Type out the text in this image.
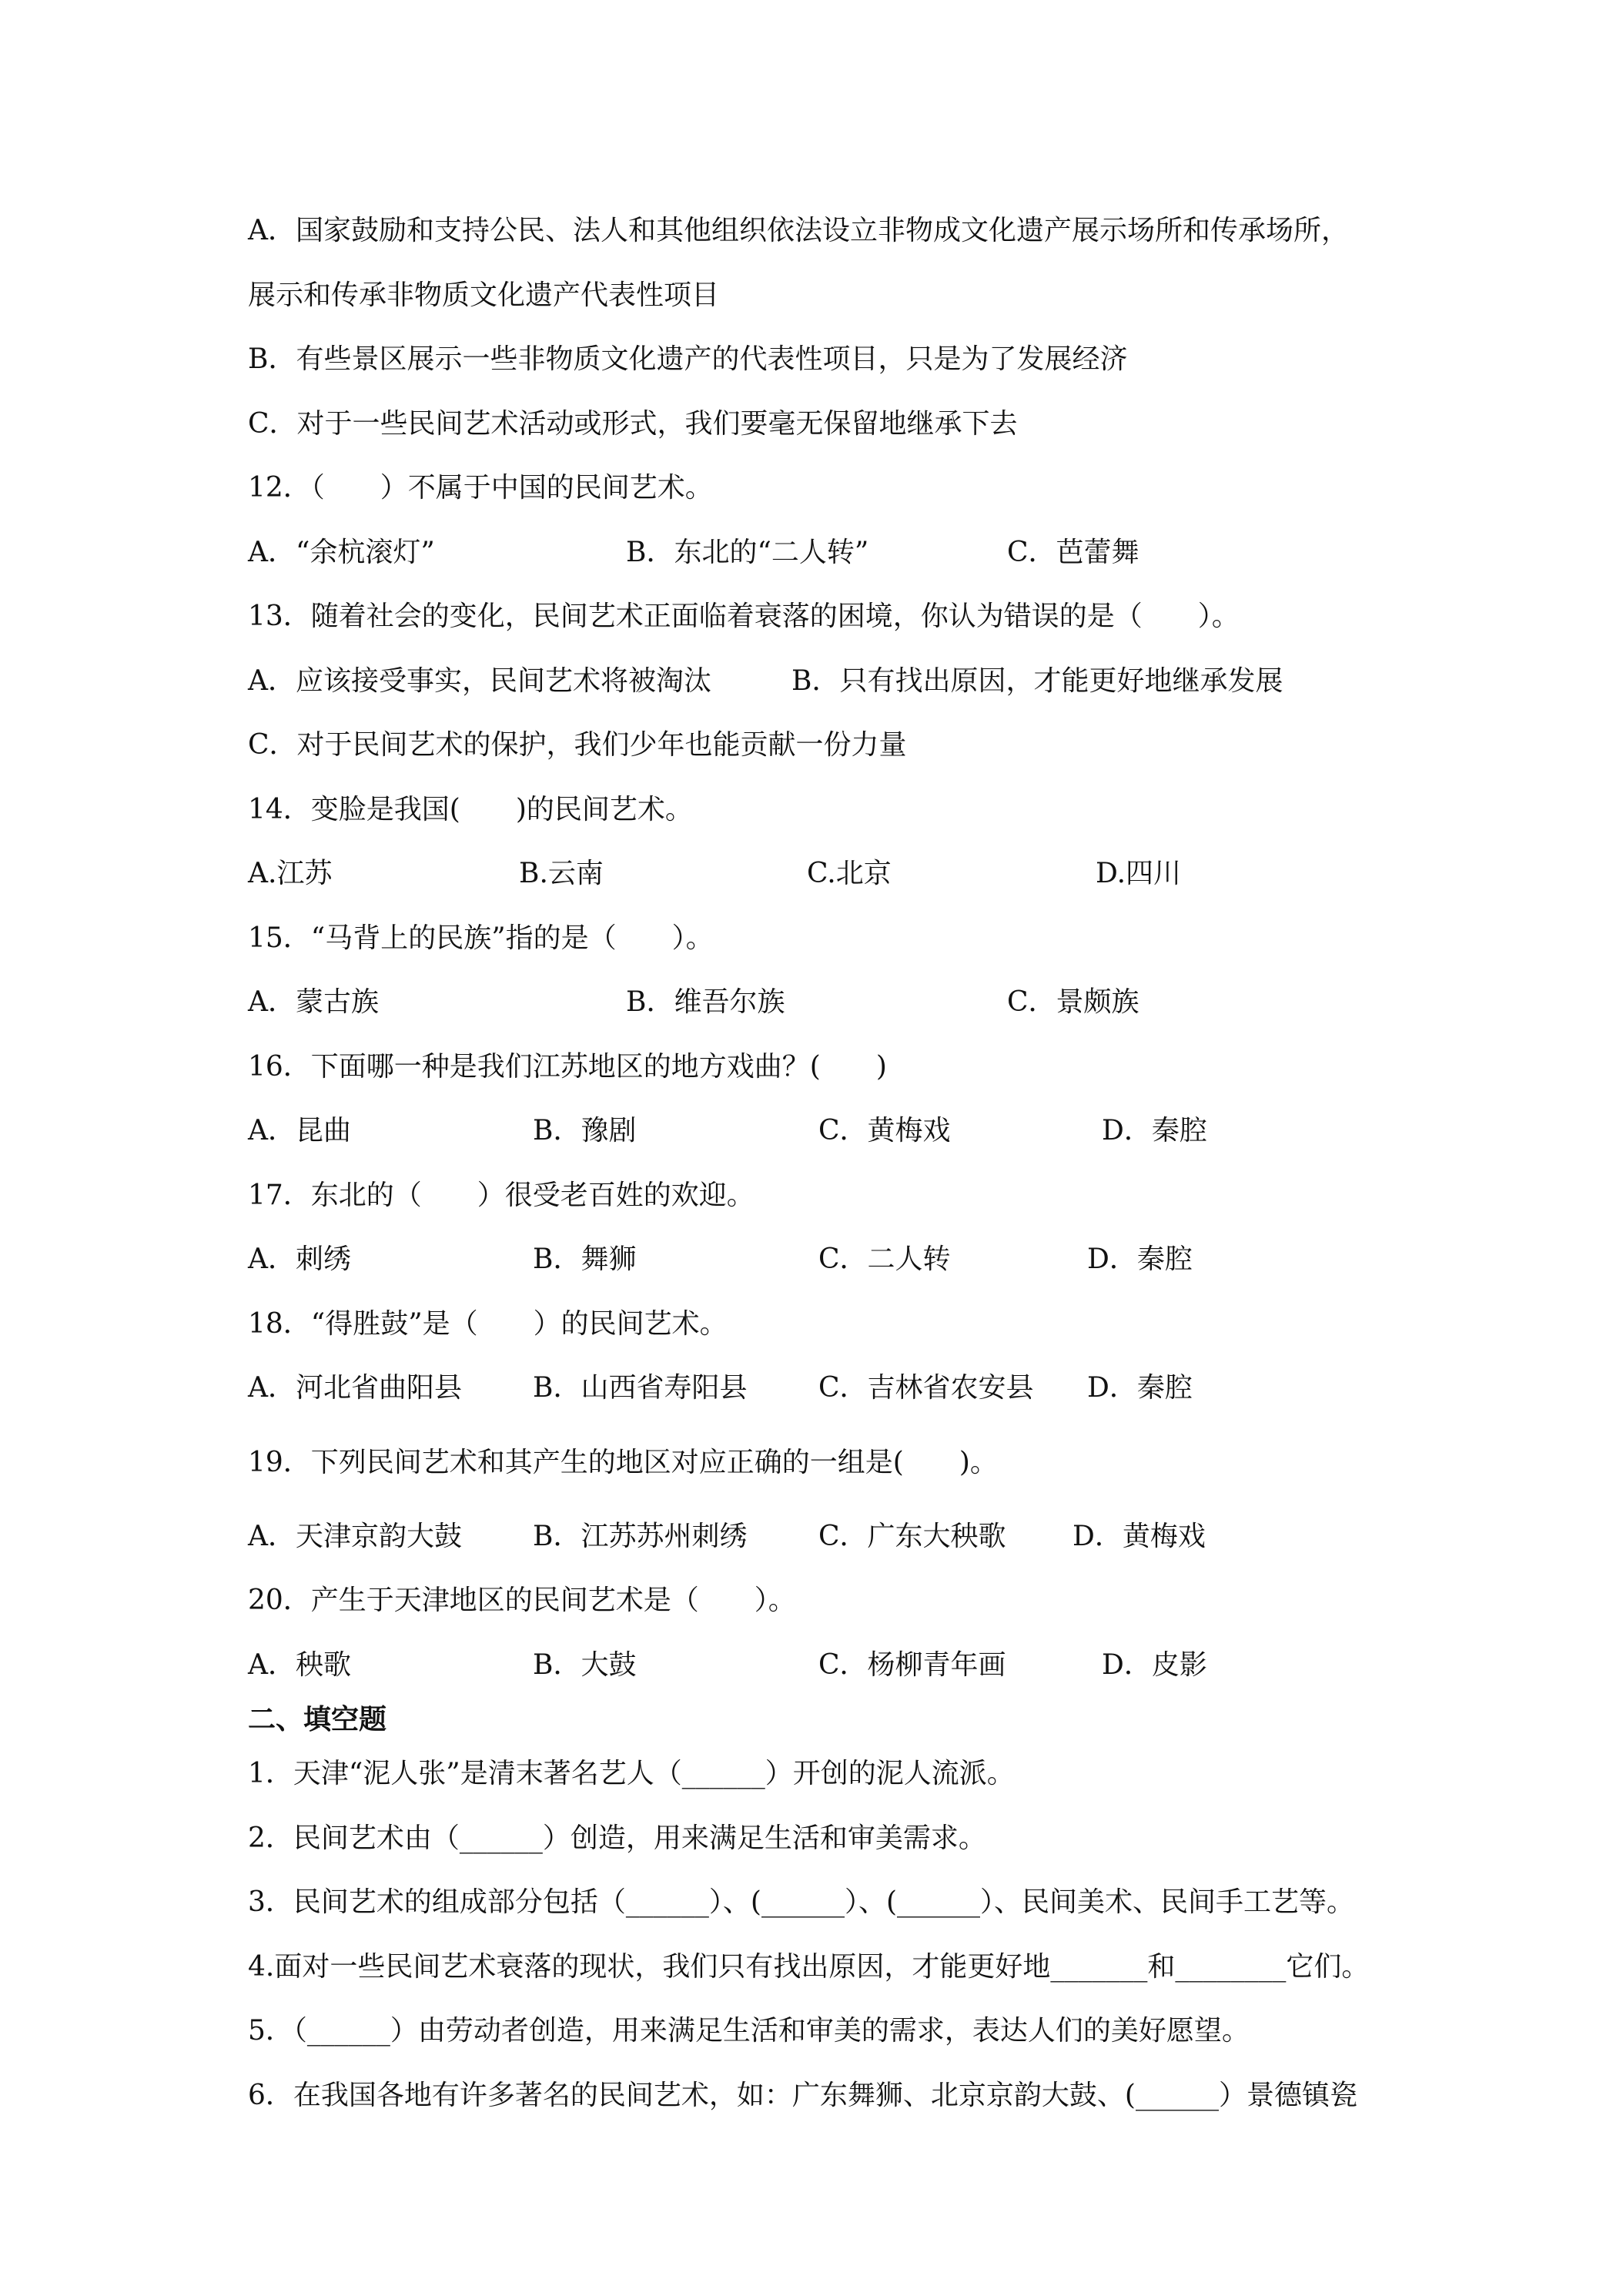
A．国家鼓励和支持公民、法人和其他组织依法设立非物成文化遗产展示场所和传承场所，
展示和传承非物质文化遗产代表性项目
B．有些景区展示一些非物质文化遗产的代表性项目，只是为了发展经济
C．对于一些民间艺术活动或形式，我们要毫无保留地继承下去
12．（　　）不属于中国的民间艺术。
A．“余杭滚灯”	B．东北的“二人转”	C．芭蕾舞
13．随着社会的变化，民间艺术正面临着衰落的困境，你认为错误的是（　　）。
A．应该接受事实，民间艺术将被淘汰	B．只有找出原因，才能更好地继承发展
C．对于民间艺术的保护，我们少年也能贡献一份力量
14．变脸是我国(　　)的民间艺术。
A.江苏	B.云南	C.北京	D.四川
15．“马背上的民族”指的是（　　）。
A．蒙古族	B．维吾尔族	C．景颇族
16．下面哪一种是我们江苏地区的地方戏曲？(　　)
A．昆曲	B．豫剧	C．黄梅戏	D．秦腔
17．东北的（　　）很受老百姓的欢迎。
A．刺绣	B．舞狮	C．二人转	D．秦腔
18．“得胜鼓”是（　　）的民间艺术。
A．河北省曲阳县	B．山西省寿阳县	C．吉林省农安县 D．秦腔
19．下列民间艺术和其产生的地区对应正确的一组是(　　)。
A．天津京韵大鼓	B．江苏苏州刺绣	C．广东大秧歌 D．黄梅戏
20．产生于天津地区的民间艺术是（　　）。
A．秧歌	B．大鼓	C．杨柳青年画	D．皮影
二、填空题
1．天津“泥人张”是清末著名艺人（______）开创的泥人流派。
2．民间艺术由（______）创造，用来满足生活和审美需求。
3．民间艺术的组成部分包括（______）、(______）、(______）、民间美术、民间手工艺等。
4.面对一些民间艺术衰落的现状，我们只有找出原因，才能更好地_______和________它们。
5．（______）由劳动者创造，用来满足生活和审美的需求，表达人们的美好愿望。
6．在我国各地有许多著名的民间艺术，如：广东舞狮、北京京韵大鼓、(______）景德镇瓷
